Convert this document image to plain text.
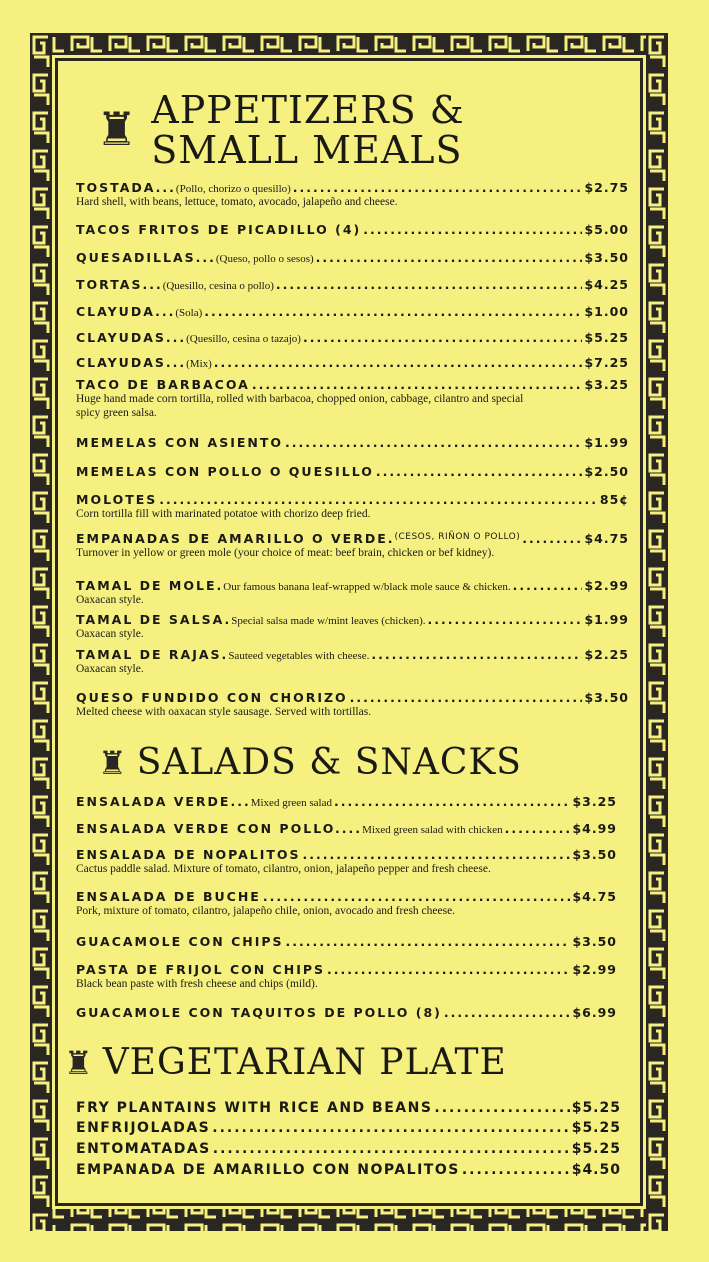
♜ APPETIZERS &
SMALL MEALS
TOSTADA... (Pollo, chorizo o quesillo) .....	$2.75
Hard shell, with beans, lettuce, tomato, avocado, jalapeño and cheese.
TACOS FRITOS DE PICADILLO (4) .....	$5.00
QUESADILLAS... (Queso, pollo o sesos) .....	$3.50
TORTAS... (Quesillo, cesina o pollo) .....	$4.25
CLAYUDA... (Sola) .....	$1.00
CLAYUDAS... (Quesillo, cesina o tazajo) .....	$5.25
CLAYUDAS... (Mix) .....	$7.25
TACO DE BARBACOA .....	$3.25
Huge hand made corn tortilla, rolled with barbacoa, chopped onion, cabbage, cilantro and special spicy green salsa.
MEMELAS CON ASIENTO .....	$1.99
MEMELAS CON POLLO O QUESILLO .....	$2.50
MOLOTES .....	85¢
Corn tortilla fill with marinated potatoe with chorizo deep fried.
EMPANADAS DE AMARILLO O VERDE. (CESOS, RIÑON O POLLO) .....	$4.75
Turnover in yellow or green mole (your choice of meat: beef brain, chicken or bef kidney).
TAMAL DE MOLE. Our famous banana leaf-wrapped w/black mole sauce & chicken. .....	$2.99
Oaxacan style.
TAMAL DE SALSA. Special salsa made w/mint leaves (chicken). .....	$1.99
Oaxacan style.
TAMAL DE RAJAS. Sauteed vegetables with cheese. .....	$2.25
Oaxacan style.
QUESO FUNDIDO CON CHORIZO .....	$3.50
Melted cheese with oaxacan style sausage. Served with tortillas.
♜ SALADS & SNACKS
ENSALADA VERDE... Mixed green salad .....	$3.25
ENSALADA VERDE CON POLLO.... Mixed green salad with chicken .....	$4.99
ENSALADA DE NOPALITOS .....	$3.50
Cactus paddle salad. Mixture of tomato, cilantro, onion, jalapeño pepper and fresh cheese.
ENSALADA DE BUCHE .....	$4.75
Pork, mixture of tomato, cilantro, jalapeño chile, onion, avocado and fresh cheese.
GUACAMOLE CON CHIPS .....	$3.50
PASTA DE FRIJOL CON CHIPS .....	$2.99
Black bean paste with fresh cheese and chips (mild).
GUACAMOLE CON TAQUITOS DE POLLO (8) .....	$6.99
♜ VEGETARIAN PLATE
FRY PLANTAINS WITH RICE AND BEANS .....	$5.25
ENFRIJOLADAS .....	$5.25
ENTOMATADAS .....	$5.25
EMPANADA DE AMARILLO CON NOPALITOS .....	$4.50
